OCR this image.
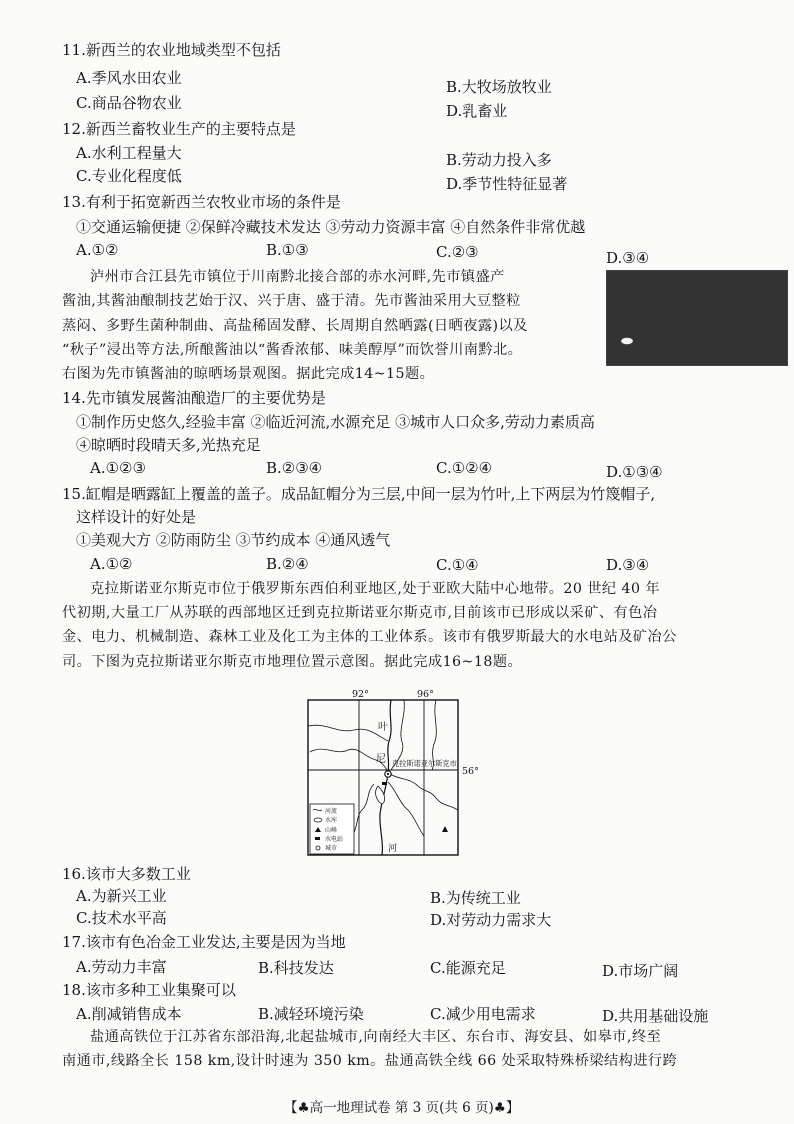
11.新西兰的农业地域类型不包括
A.季风水田农业	B.大牧场放牧业
C.商品谷物农业	D.乳畜业
12.新西兰畜牧业生产的主要特点是
A.水利工程量大	B.劳动力投入多
C.专业化程度低	D.季节性特征显著
13.有利于拓宽新西兰农牧业市场的条件是
①交通运输便捷 ②保鲜冷藏技术发达 ③劳动力资源丰富 ④自然条件非常优越
A.①②	B.①③	C.②③	D.③④
泸州市合江县先市镇位于川南黔北接合部的赤水河畔,先市镇盛产
酱油,其酱油酿制技艺始于汉、兴于唐、盛于清。先市酱油采用大豆整粒
蒸闷、多野生菌种制曲、高盐稀固发酵、长周期自然晒露(日晒夜露)以及
“秋子”浸出等方法,所酿酱油以“酱香浓郁、味美醇厚”而饮誉川南黔北。
右图为先市镇酱油的晾晒场景观图。据此完成14~15题。
14.先市镇发展酱油酿造厂的主要优势是
①制作历史悠久,经验丰富 ②临近河流,水源充足 ③城市人口众多,劳动力素质高
④晾晒时段晴天多,光热充足
A.①②③	B.②③④	C.①②④	D.①③④
15.缸帽是晒露缸上覆盖的盖子。成品缸帽分为三层,中间一层为竹叶,上下两层为竹篾帽子,
这样设计的好处是
①美观大方 ②防雨防尘 ③节约成本 ④通风透气
A.①②	B.②④	C.①④	D.③④
克拉斯诺亚尔斯克市位于俄罗斯东西伯利亚地区,处于亚欧大陆中心地带。20 世纪 40 年
代初期,大量工厂从苏联的西部地区迁到克拉斯诺亚尔斯克市,目前该市已形成以采矿、有色冶
金、电力、机械制造、森林工业及化工为主体的工业体系。该市有俄罗斯最大的水电站及矿冶公
司。下图为克拉斯诺亚尔斯克市地理位置示意图。据此完成16~18题。
92°	96°
56°
克拉斯诺亚尔斯克市
叶
尼
河
河流
水库
山峰
水电站
城市
16.该市大多数工业
A.为新兴工业	B.为传统工业
C.技术水平高	D.对劳动力需求大
17.该市有色冶金工业发达,主要是因为当地
A.劳动力丰富	B.科技发达	C.能源充足	D.市场广阔
18.该市多种工业集聚可以
A.削减销售成本	B.减轻环境污染	C.减少用电需求	D.共用基础设施
盐通高铁位于江苏省东部沿海,北起盐城市,向南经大丰区、东台市、海安县、如皋市,终至
南通市,线路全长 158 km,设计时速为 350 km。盐通高铁全线 66 处采取特殊桥梁结构进行跨
【♣高一地理试卷 第 3 页(共 6 页)♣】
